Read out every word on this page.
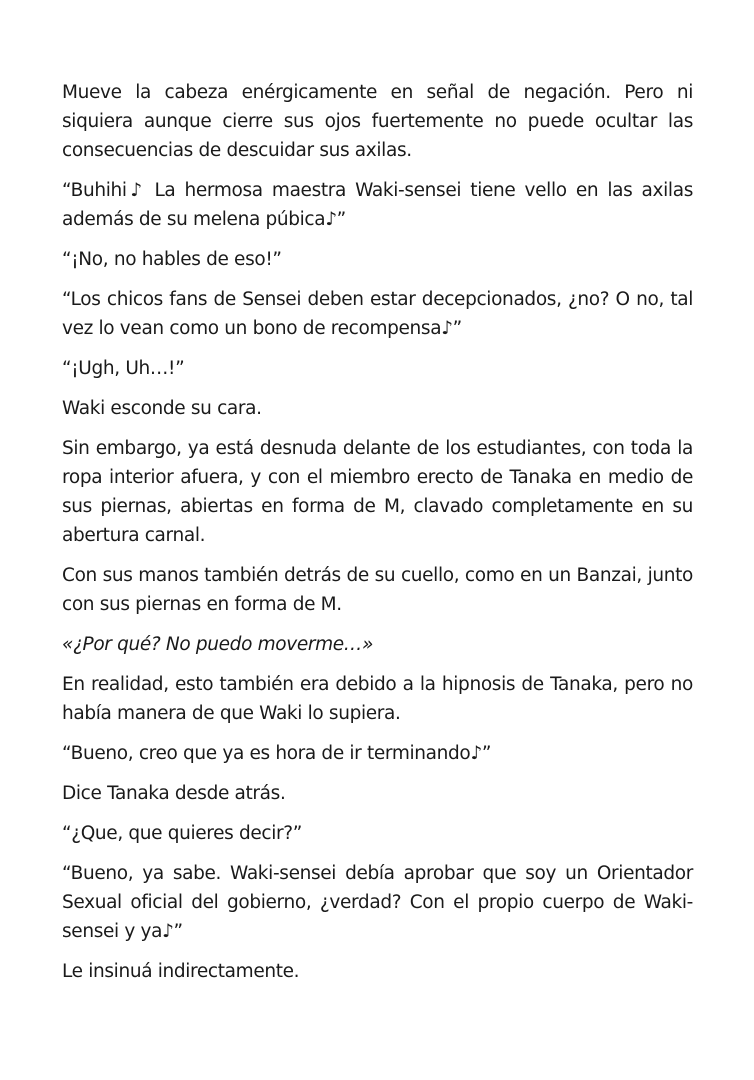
Mueve la cabeza enérgicamente en señal de negación. Pero ni siquiera aunque cierre sus ojos fuertemente no puede ocultar las consecuencias de descuidar sus axilas.

“Buhihi♪ La hermosa maestra Waki-sensei tiene vello en las axilas además de su melena púbica♪”

“¡No, no hables de eso!”

“Los chicos fans de Sensei deben estar decepcionados, ¿no? O no, tal vez lo vean como un bono de recompensa♪”

“¡Ugh, Uh…!”

Waki esconde su cara.

Sin embargo, ya está desnuda delante de los estudiantes, con toda la ropa interior afuera, y con el miembro erecto de Tanaka en medio de sus piernas, abiertas en forma de M, clavado completamente en su abertura carnal.

Con sus manos también detrás de su cuello, como en un Banzai, junto con sus piernas en forma de M.

«¿Por qué? No puedo moverme…»

En realidad, esto también era debido a la hipnosis de Tanaka, pero no había manera de que Waki lo supiera.

“Bueno, creo que ya es hora de ir terminando♪”

Dice Tanaka desde atrás.

“¿Que, que quieres decir?”

“Bueno, ya sabe. Waki-sensei debía aprobar que soy un Orientador Sexual oficial del gobierno, ¿verdad? Con el propio cuerpo de Waki-sensei y ya♪”

Le insinuá indirectamente.
